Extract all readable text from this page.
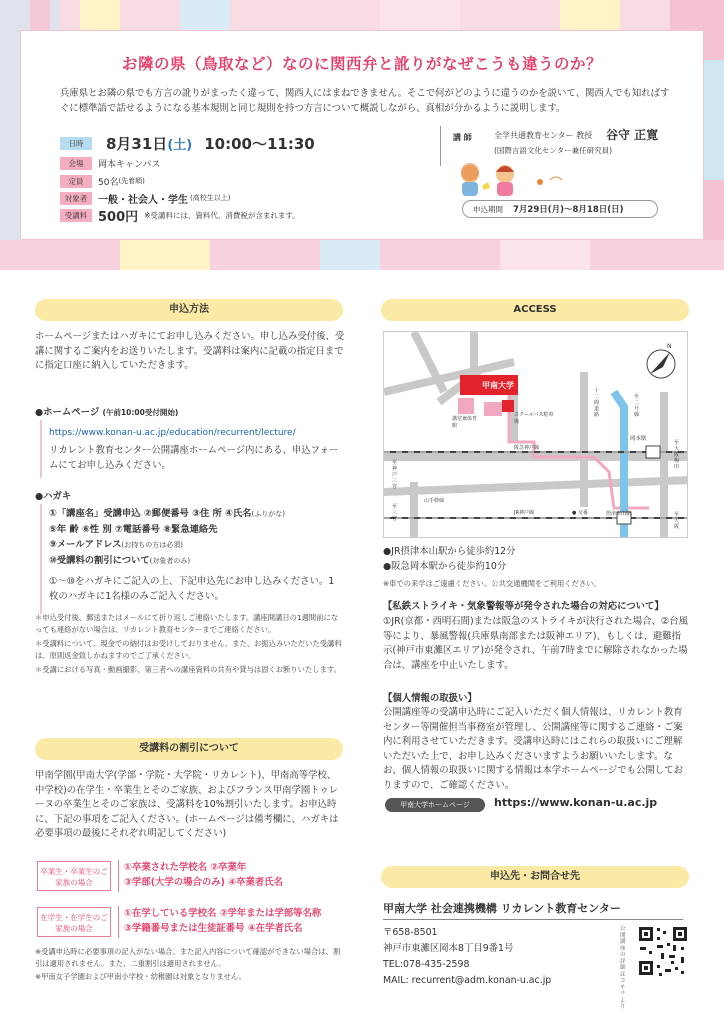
お隣の県（鳥取など）なのに関西弁と訛りがなぜこうも違うのか？
兵庫県とお隣の県でも方言の訛りがまったく違って、関西人にはまねできません。そこで何がどのように違うのかを説いて、関西人でも知ればすぐに標準語で話せるようになる基本規則と同じ規則を持つ方言について概説しながら、真相が分かるように説明します。
日時	8月31日 (土) 10:00～11:30
会場	岡本キャンパス
定員	50名 (先着順)
対象者	一般・社会人・学生 (高校生以上)
受講料 500円 ※受講料には、資料代、消費税が含まれます。
講 師	全学共通教育センター 教授 谷守 正寛
(国際言語文化センター兼任研究員)
申込期間 7月29日(月)～8月18日(日)
申込方法
ホームページまたはハガキにてお申し込みください。申し込み受付後、受講に関するご案内をお送りいたします。受講料は案内に記載の指定日までに指定口座に納入していただきます。
●ホームページ (午前10:00受付開始)
https://www.konan-u.ac.jp/education/recurrent/lecture/
リカレント教育センター公開講座ホームページ内にある、申込フォームにてお申し込みください。
●ハガキ
①「講座名」受講申込 ②郵便番号 ③住 所 ④氏名(ふりがな)
⑤年 齢 ⑥性 別 ⑦電話番号 ⑧緊急連絡先
⑨メールアドレス(お持ちの方は必須)
⑩受講料の割引について(対象者のみ)
①～⑩をハガキにご記入の上、下記申込先にお申し込みください。1枚のハガキに1名様のみご記入ください。
＊申込受付後、郵送またはメールにて折り返しご連絡いたします。講座開講日の1週間前になっても連絡がない場合は、リカレント教育センターまでご連絡ください。
＊受講料について、現金での納付はお受けしておりません。また、お振込みいただいた受講料は、原則返金致しかねますのでご了承ください。
＊受講における写真・動画撮影、第三者への講座資料の共有や貸与は固くお断りいたします。
受講料の割引について
甲南学園(甲南大学(学部・学院・大学院・リカレント)、甲南高等学校、中学校)の在学生・卒業生とそのご家族、およびフランス甲南学園トゥレーヌの卒業生とそのご家族は、受講料を10%割引いたします。お申込時に、下記の事項をご記入ください。(ホームページは備考欄に、ハガキは必要事項の最後にそれぞれ明記してください)
卒業生・卒業生のご家族の場合
①卒業された学校名 ②卒業年
③学部(大学の場合のみ) ④卒業者氏名
在学生・在学生のご家族の場合
①在学している学校名 ②学年または学部等名称
③学籍番号または生徒証番号 ④在学者氏名
※受講申込時に必要事項の記入がない場合、また記入内容について確認ができない場合は、割引は適用されません。また、二重割引は適用されません。
※甲南女子学園および甲南小学校・幼稚園は対象となりません。
ACCESS
N
甲南大学
講堂兼体育館
スクールバス駐車場
十二間道路
阪急神戸線
岡本駅
JR神戸線	● 交番	摂津本山駅
山手幹線
至神戸三宮
至三宮
至大阪梅田
至大阪
至二号線
●JR摂津本山駅から徒歩約12分
●阪急岡本駅から徒歩約10分
※車での来学はご遠慮ください。公共交通機関をご利用ください。
【私鉄ストライキ・気象警報等が発令された場合の対応について】
①JR(京都・西明石間)または阪急のストライキが決行された場合、②台風等により、暴風警報(兵庫県南部または阪神エリア)、もしくは、避難指示(神戸市東灘区エリア)が発令され、午前7時までに解除されなかった場合は、講座を中止いたします。
【個人情報の取扱い】
公開講座等の受講申込時にご記入いただく個人情報は、リカレント教育センター等開催担当事務室が管理し、公開講座等に関するご連絡・ご案内に利用させていただきます。受講申込時にはこれらの取扱いにご理解いただいた上で、お申し込みくださいますようお願いいたします。なお、個人情報の取扱いに関する情報は本学ホームページでも公開しておりますので、ご確認ください。
甲南大学ホームページ	https://www.konan-u.ac.jp
申込先・お問合せ先
甲南大学 社会連携機構 リカレント教育センター
〒658-8501
神戸市東灘区岡本8丁目9番1号
TEL:078-435-2598
MAIL: recurrent@adm.konan-u.ac.jp
公開講座の詳細はコチラより
